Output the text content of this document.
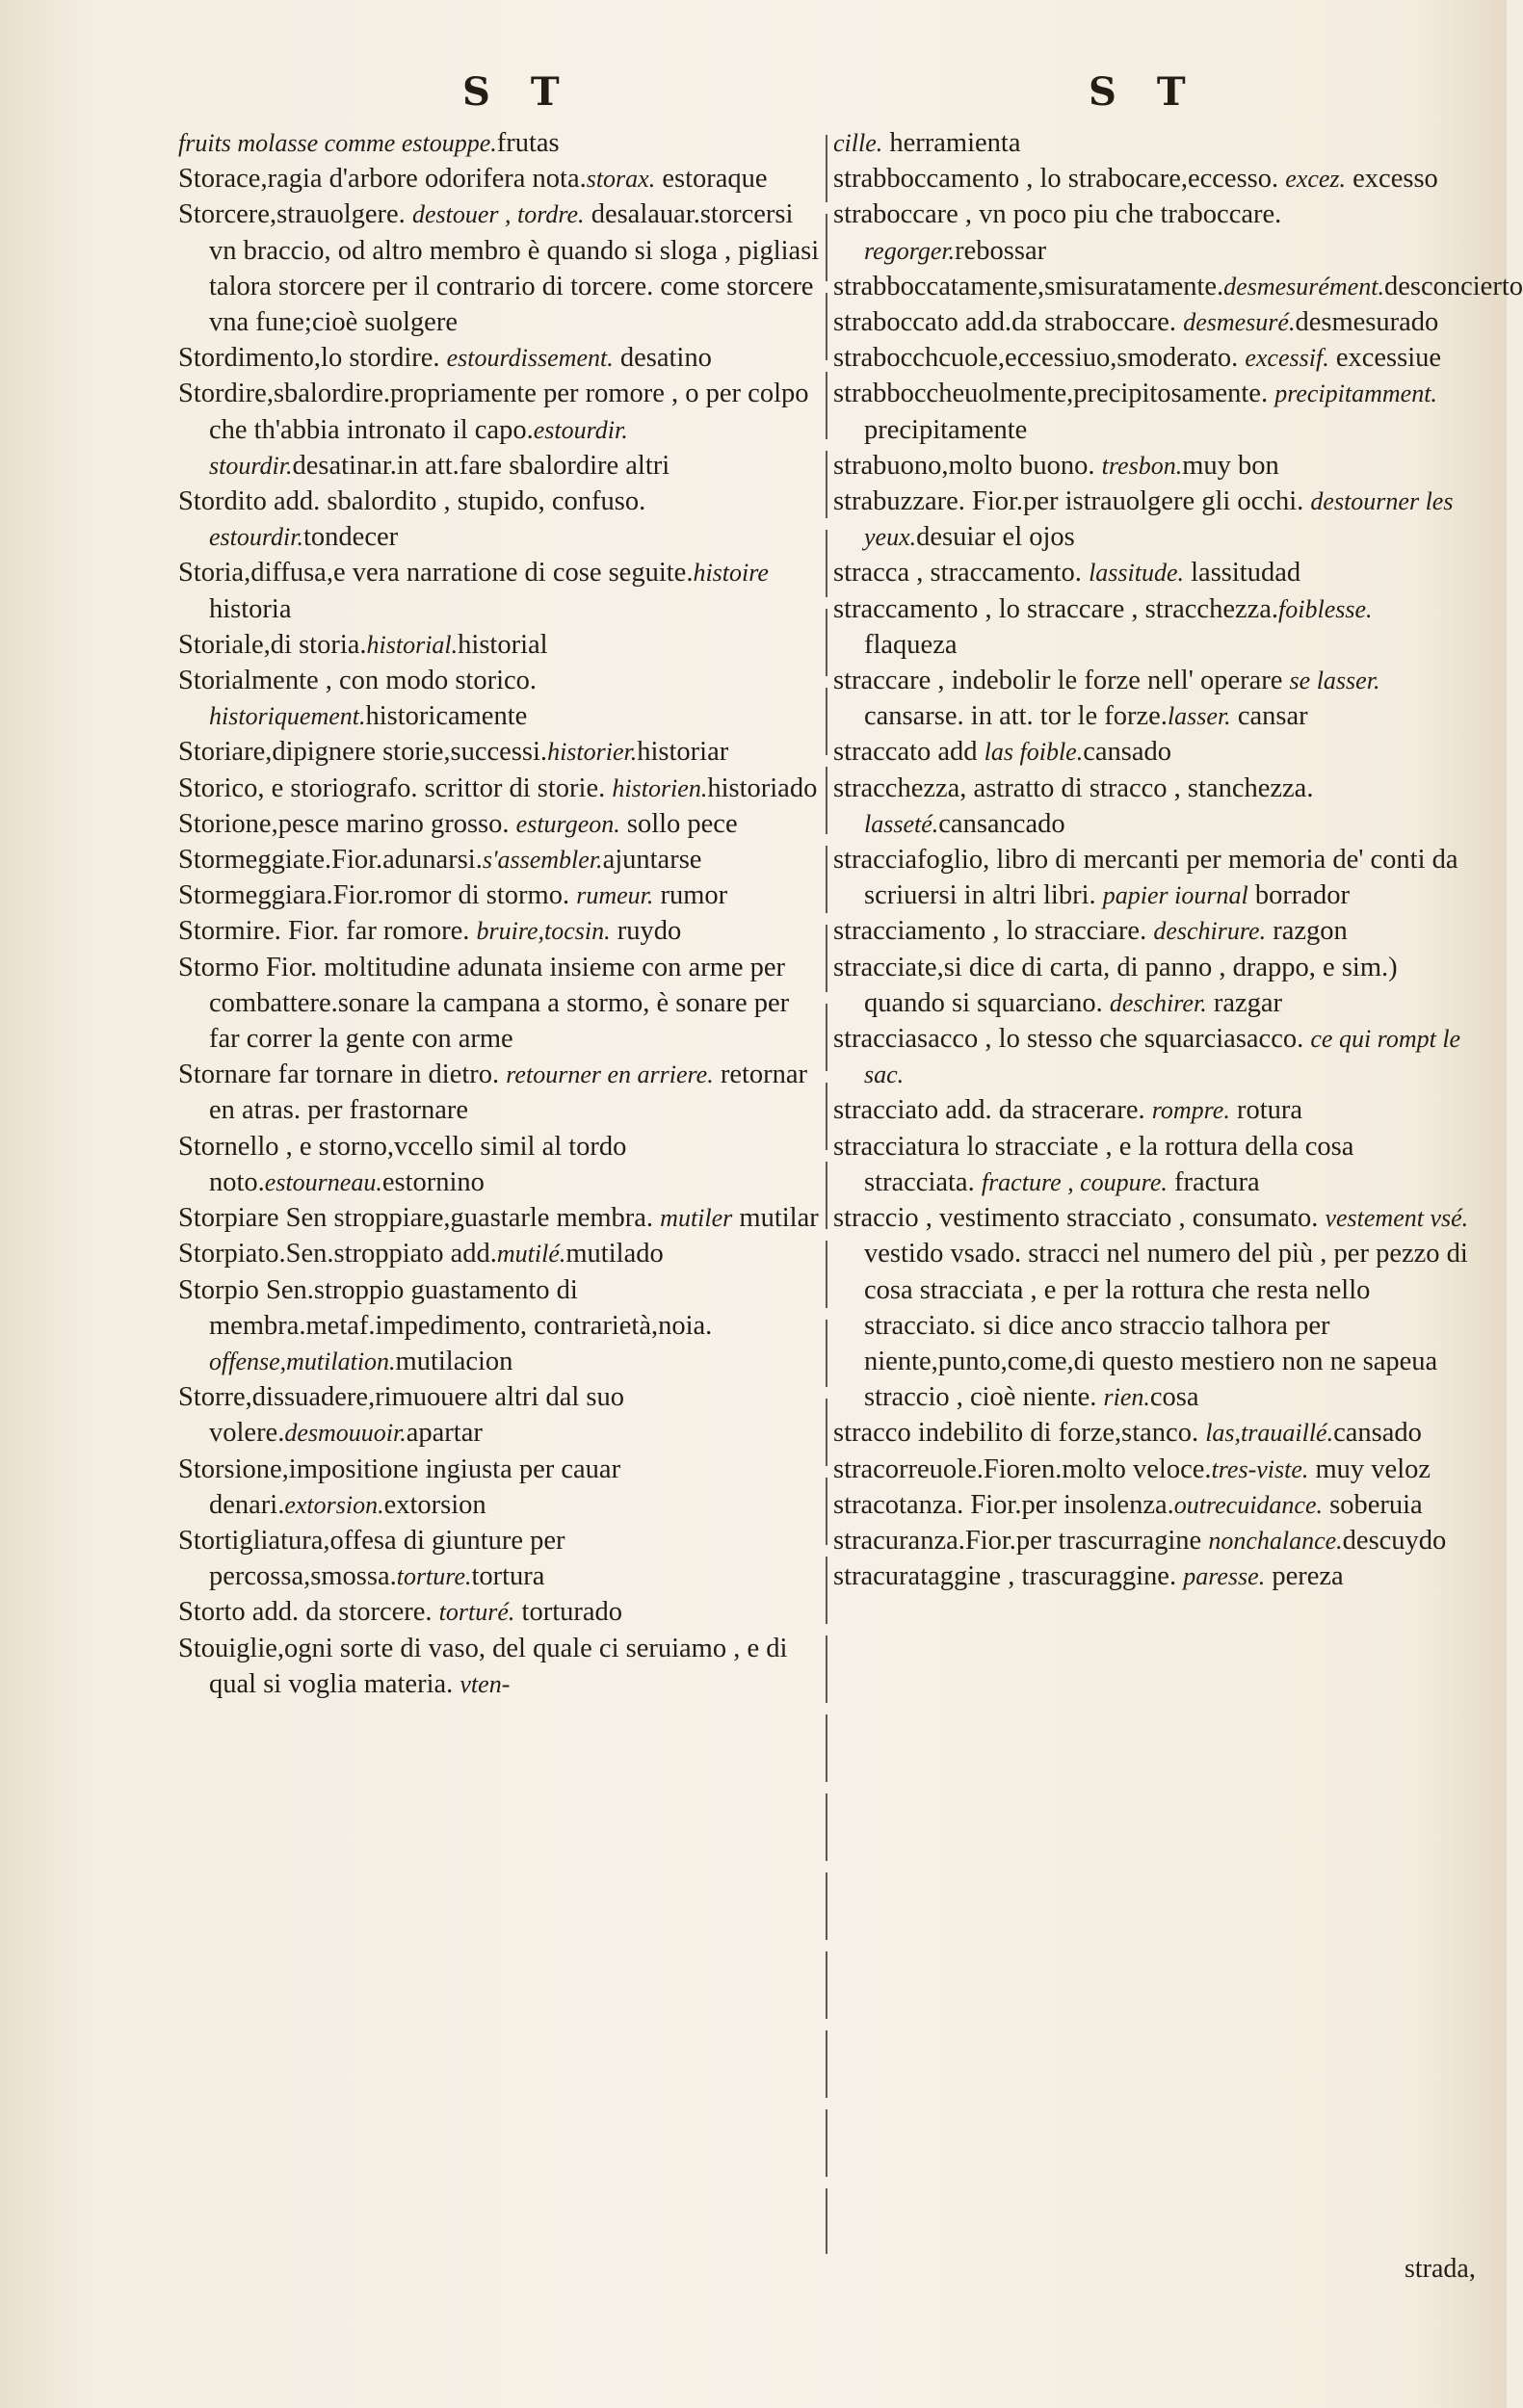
S T	S T

fruits molasse comme estouppe.frutas

Storace,ragia d'arbore odorifera nota.storax. estoraque

Storcere,strauolgere. destouer , tordre. desalauar.storcersi vn braccio, od altro membro è quando si sloga , pigliasi talora storcere per il contrario di torcere. come storcere vna fune;cioè suolgere

Stordimento,lo stordire. estourdissement. desatino

Stordire,sbalordire.propriamente per romore , o per colpo che th'abbia intronato il capo.estourdir. stourdir.desatinar.in att.fare sbalordire altri

Stordito add. sbalordito , stupido, confuso. estourdir.tondecer

Storia,diffusa,e vera narratione di cose seguite.histoire historia

Storiale,di storia.historial.historial

Storialmente , con modo storico. historiquement.historicamente

Storiare,dipignere storie,successi.historier.historiar

Storico, e storiografo. scrittor di storie. historien.historiado

Storione,pesce marino grosso. esturgeon. sollo pece

Stormeggiate.Fior.adunarsi.s'assembler.ajuntarse

Stormeggiara.Fior.romor di stormo. rumeur. rumor

Stormire. Fior. far romore. bruire,tocsin. ruydo

Stormo Fior. moltitudine adunata insieme con arme per combattere.sonare la campana a stormo, è sonare per far correr la gente con arme

Stornare far tornare in dietro. retourner en arriere. retornar en atras. per frastornare

Stornello , e storno,vccello simil al tordo noto.estourneau.estornino

Storpiare Sen stroppiare,guastarle membra. mutiler mutilar

Storpiato.Sen.stroppiato add.mutilé.mutilado

Storpio Sen.stroppio guastamento di membra.metaf.impedimento, contrarietà,noia. offense,mutilation.mutilacion

Storre,dissuadere,rimuouere altri dal suo volere.desmouuoir.apartar

Storsione,impositione ingiusta per cauar denari.extorsion.extorsion

Stortigliatura,offesa di giunture per percossa,smossa.torture.tortura

Storto add. da storcere. torturé. torturado

Stouiglie,ogni sorte di vaso, del quale ci seruiamo , e di qual si voglia materia. vten-

cille. herramienta

strabboccamento , lo strabocare,eccesso. excez. excesso

straboccare , vn poco piu che traboccare. regorger.rebossar

strabboccatamente,smisuratamente.desmesurément.desconcierto

straboccato add.da straboccare. desmesuré.desmesurado

strabocchcuole,eccessiuo,smoderato. excessif. excessiue

strabboccheuolmente,precipitosamente. precipitamment. precipitamente

strabuono,molto buono. tresbon.muy bon

strabuzzare. Fior.per istrauolgere gli occhi. destourner les yeux.desuiar el ojos

stracca , straccamento. lassitude. lassitudad

straccamento , lo straccare , stracchezza.foiblesse. flaqueza

straccare , indebolir le forze nell' operare se lasser. cansarse. in att. tor le forze.lasser. cansar

straccato add las foible.cansado

stracchezza, astratto di stracco , stanchezza. lasseté.cansancado

stracciafoglio, libro di mercanti per memoria de' conti da scriuersi in altri libri. papier iournal borrador

stracciamento , lo stracciare. deschirure. razgon

stracciate,si dice di carta, di panno , drappo, e sim.) quando si squarciano. deschirer. razgar

stracciasacco , lo stesso che squarciasacco. ce qui rompt le sac.

stracciato add. da stracerare. rompre. rotura

stracciatura lo stracciate , e la rottura della cosa stracciata. fracture , coupure. fractura

straccio , vestimento stracciato , consumato. vestement vsé. vestido vsado. stracci nel numero del più , per pezzo di cosa stracciata , e per la rottura che resta nello stracciato. si dice anco straccio talhora per niente,punto,come,di questo mestiero non ne sapeua straccio , cioè niente. rien.cosa

stracco indebilito di forze,stanco. las,trauaillé.cansado

stracorreuole.Fioren.molto veloce.tres-viste. muy veloz

stracotanza. Fior.per insolenza.outrecuidance. soberuia

stracuranza.Fior.per trascurragine nonchalance.descuydo

stracurataggine , trascuraggine. paresse. pereza

strada,
